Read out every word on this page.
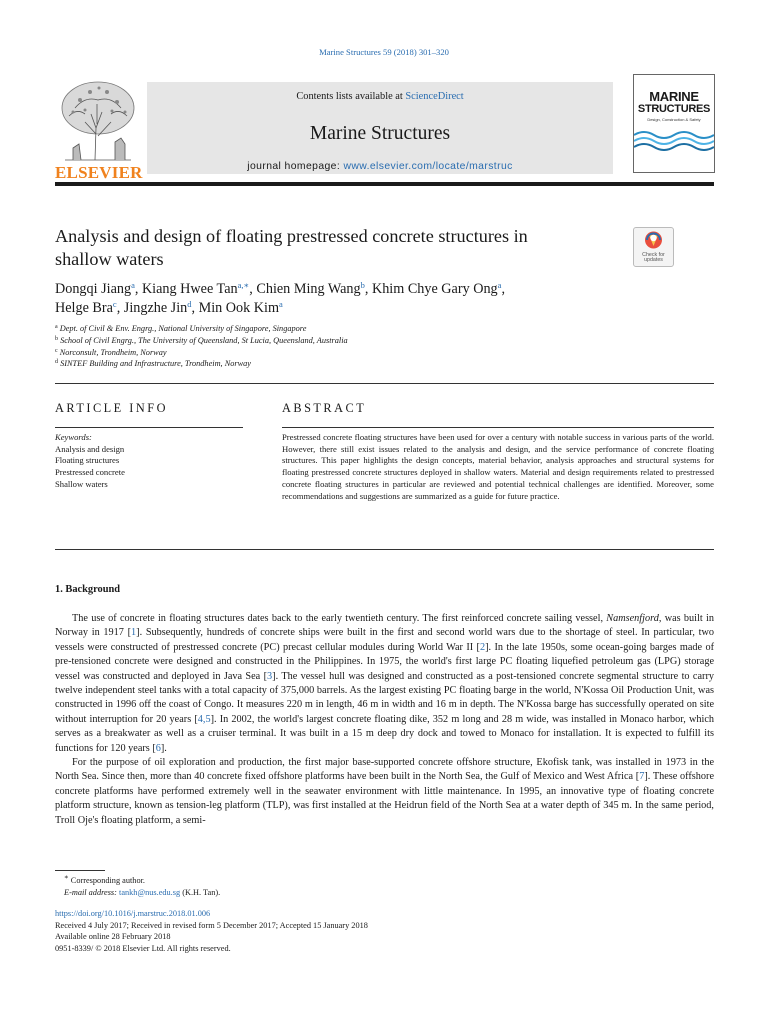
Marine Structures 59 (2018) 301–320
ELSEVIER
Contents lists available at ScienceDirect
Marine Structures
journal homepage: www.elsevier.com/locate/marstruc
MARINE
STRUCTURES
Design, Construction & Safety
Analysis and design of floating prestressed concrete structures in
shallow waters	Check for
updates
Dongqi Jiang$^a$, Kiang Hwee Tan$^{a,∗}$, Chien Ming Wang$^b$, Khim Chye Gary Ong$^a$,
Helge Bra$^c$, Jingzhe Jin$^d$, Min Ook Kim$^a$
$^a$ Dept. of Civil & Env. Engrg., National University of Singapore, Singapore
$^b$ School of Civil Engrg., The University of Queensland, St Lucia, Queensland, Australia
$^c$ Norconsult, Trondheim, Norway
$^d$ SINTEF Building and Infrastructure, Trondheim, Norway
ARTICLE INFO	ABSTRACT
Keywords:
Analysis and design
Floating structures
Prestressed concrete
Shallow waters
Prestressed concrete floating structures have been used for over a century with notable success in various parts of the world. However, there still exist issues related to the analysis and design, and the service performance of concrete floating structures. This paper highlights the design concepts, material behavior, analysis approaches and structural systems for floating prestressed concrete structures deployed in shallow waters. Material and design requirements related to prestressed concrete floating structures in particular are reviewed and potential technical challenges are identified. Moreover, some recommendations and suggestions are summarized as a guide for future practice.
1. Background

The use of concrete in floating structures dates back to the early twentieth century. The first reinforced concrete sailing vessel, Namsenfjord, was built in Norway in 1917 [1]. Subsequently, hundreds of concrete ships were built in the first and second world wars due to the shortage of steel. In particular, two vessels were constructed of prestressed concrete (PC) precast cellular modules during World War II [2]. In the late 1950s, some ocean-going barges made of pre-tensioned concrete were designed and constructed in the Philippines. In 1975, the world's first large PC floating liquefied petroleum gas (LPG) storage vessel was constructed and deployed in Java Sea [3]. The vessel hull was designed and constructed as a post-tensioned concrete segmental structure to carry twelve independent steel tanks with a total capacity of 375,000 barrels. As the largest existing PC floating barge in the world, N'Kossa Oil Production Unit, was constructed in 1996 off the coast of Congo. It measures 220 m in length, 46 m in width and 16 m in depth. The N'Kossa barge has successfully operated on site without interruption for 20 years [4,5]. In 2002, the world's largest concrete floating dike, 352 m long and 28 m wide, was installed in Monaco harbor, which serves as a breakwater as well as a cruiser terminal. It was built in a 15 m deep dry dock and towed to Monaco for installation. It is expected to fulfill its functions for 120 years [6].

For the purpose of oil exploration and production, the first major base-supported concrete offshore structure, Ekofisk tank, was installed in 1973 in the North Sea. Since then, more than 40 concrete fixed offshore platforms have been built in the North Sea, the Gulf of Mexico and West Africa [7]. These offshore concrete platforms have performed extremely well in the seawater environment with little maintenance. In 1995, an innovative type of floating concrete platform structure, known as tension-leg platform (TLP), was first installed at the Heidrun field of the North Sea at a water depth of 345 m. In the same period, Troll Oje's floating platform, a semi-

∗ Corresponding author.
E-mail address: tankh@nus.edu.sg (K.H. Tan).
https://doi.org/10.1016/j.marstruc.2018.01.006
Received 4 July 2017; Received in revised form 5 December 2017; Accepted 15 January 2018
Available online 28 February 2018
0951-8339/ © 2018 Elsevier Ltd. All rights reserved.
